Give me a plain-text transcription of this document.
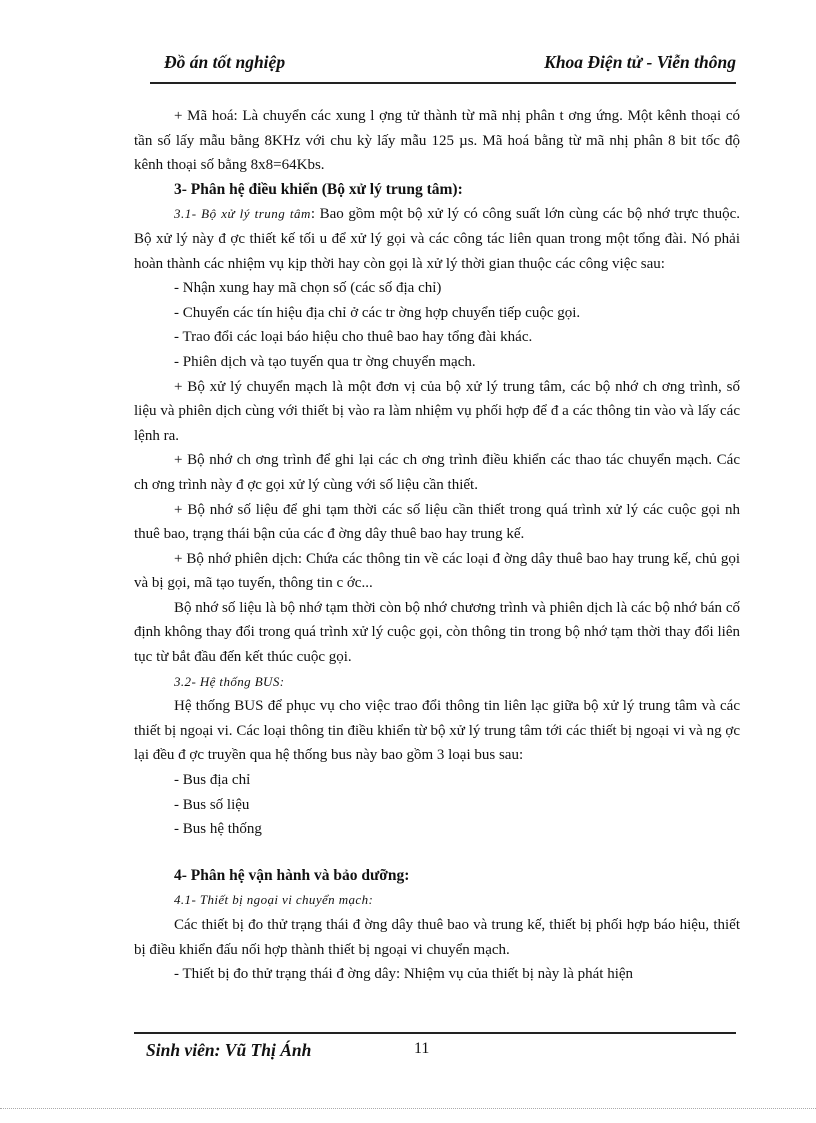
Đồ án tốt nghiệp	Khoa Điện tử - Viễn thông

+ Mã hoá: Là chuyển các xung l ợng tử thành từ mã nhị phân t ơng ứng. Một kênh thoại có tần số lấy mẫu bằng 8KHz với chu kỳ lấy mẫu 125 µs. Mã hoá bằng từ mã nhị phân 8 bit tốc độ kênh thoại số bằng 8x8=64Kbs.

3- Phân hệ điều khiển (Bộ xử lý trung tâm):

3.1- Bộ xử lý trung tâm: Bao gồm một bộ xử lý có công suất lớn cùng các bộ nhớ trực thuộc. Bộ xử lý này đ ợc thiết kế tối u để xử lý gọi và các công tác liên quan trong một tổng đài. Nó phải hoàn thành các nhiệm vụ kịp thời hay còn gọi là xử lý thời gian thuộc các công việc sau:

- Nhận xung hay mã chọn số (các số địa chỉ)

- Chuyển các tín hiệu địa chỉ ở các tr ờng hợp chuyển tiếp cuộc gọi.

- Trao đổi các loại báo hiệu cho thuê bao hay tổng đài khác.

- Phiên dịch và tạo tuyến qua tr ờng chuyển mạch.

+ Bộ xử lý chuyển mạch là một đơn vị của bộ xử lý trung tâm, các bộ nhớ ch ơng trình, số liệu và phiên dịch cùng với thiết bị vào ra làm nhiệm vụ phối hợp để đ a các thông tin vào và lấy các lệnh ra.

+ Bộ nhớ ch ơng trình để ghi lại các ch ơng trình điều khiển các thao tác chuyển mạch. Các ch ơng trình này đ ợc gọi xử lý cùng với số liệu cần thiết.

+ Bộ nhớ số liệu để ghi tạm thời các số liệu cần thiết trong quá trình xử lý các cuộc gọi nh thuê bao, trạng thái bận của các đ ờng dây thuê bao hay trung kế.

+ Bộ nhớ phiên dịch: Chứa các thông tin về các loại đ ờng dây thuê bao hay trung kế, chủ gọi và bị gọi, mã tạo tuyến, thông tin c ớc...

Bộ nhớ số liệu là bộ nhớ tạm thời còn bộ nhớ chương trình và phiên dịch là các bộ nhớ bán cố định không thay đổi trong quá trình xử lý cuộc gọi, còn thông tin trong bộ nhớ tạm thời thay đổi liên tục từ bắt đầu đến kết thúc cuộc gọi.

3.2- Hệ thống BUS:

Hệ thống BUS để phục vụ cho việc trao đổi thông tin liên lạc giữa bộ xử lý trung tâm và các thiết bị ngoại vi. Các loại thông tin điều khiển từ bộ xử lý trung tâm tới các thiết bị ngoại vi và ng ợc lại đều đ ợc truyền qua hệ thống bus này bao gồm 3 loại bus sau:

- Bus địa chỉ

- Bus số liệu

- Bus hệ thống

4- Phân hệ vận hành và bảo dưỡng:

4.1- Thiết bị ngoại vi chuyển mạch:

Các thiết bị đo thử trạng thái đ ờng dây thuê bao và trung kế, thiết bị phối hợp báo hiệu, thiết bị điều khiển đấu nối hợp thành thiết bị ngoại vi chuyển mạch.

- Thiết bị đo thử trạng thái đ ờng dây: Nhiệm vụ của thiết bị này là phát hiện

Sinh viên: Vũ Thị Ánh	11
